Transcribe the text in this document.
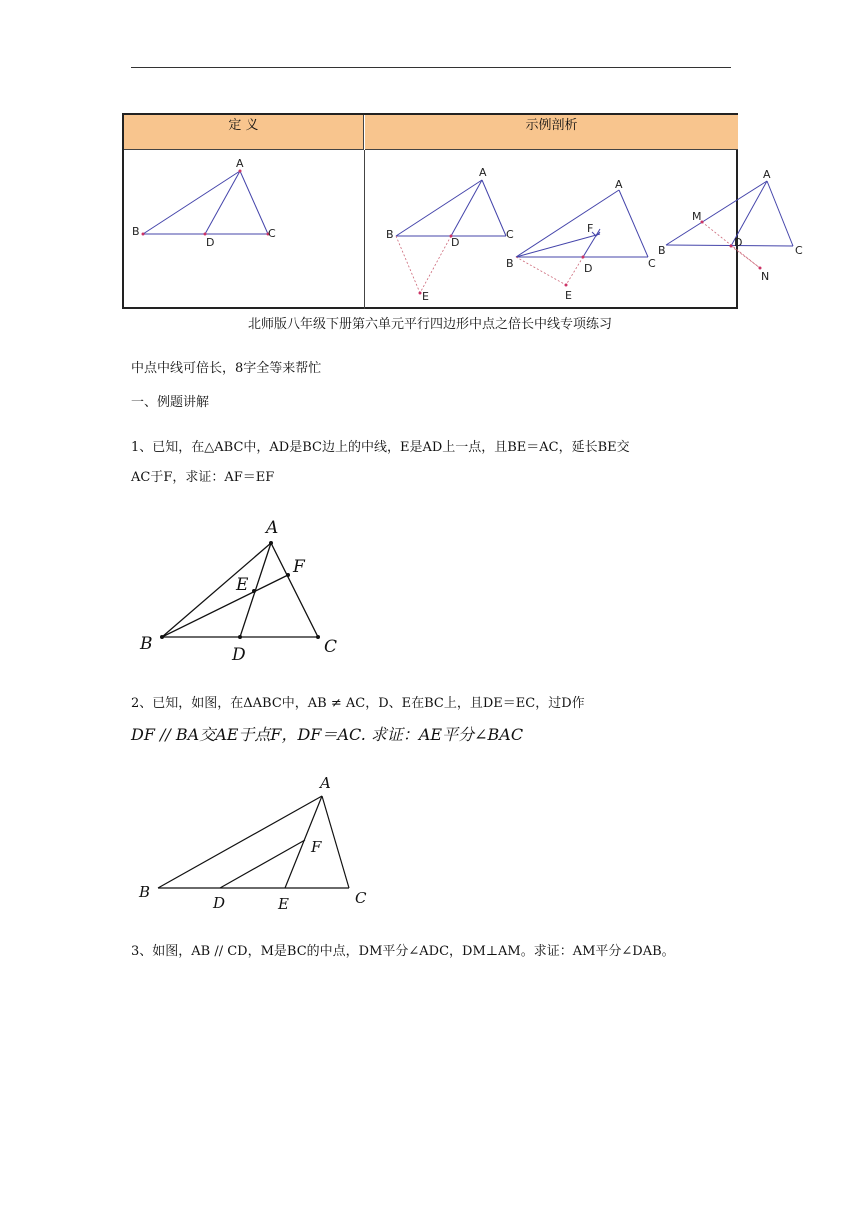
定 义	示例剖析
A
B	C
D
A
B	C
D
E
A
B	C
D
E
F
A
B	C
D
M
N
北师版八年级下册第六单元平行四边形中点之倍长中线专项练习
中点中线可倍长，8字全等来帮忙
一、例题讲解
1、已知，在△ABC中，AD是BC边上的中线，E是AD上一点，且BE＝AC，延长BE交
AC于F，求证：AF＝EF
A
B	C
D
E
F
2、已知，如图，在ΔABC中，AB ≠ AC，D、E在BC上，且DE＝EC，过D作
DF // BA交AE于点F，DF＝AC. 求证：AE平分∠BAC
A
B	C
D	E
F
3、如图，AB // CD，M是BC的中点，DM平分∠ADC，DM⊥AM。求证：AM平分∠DAB。
